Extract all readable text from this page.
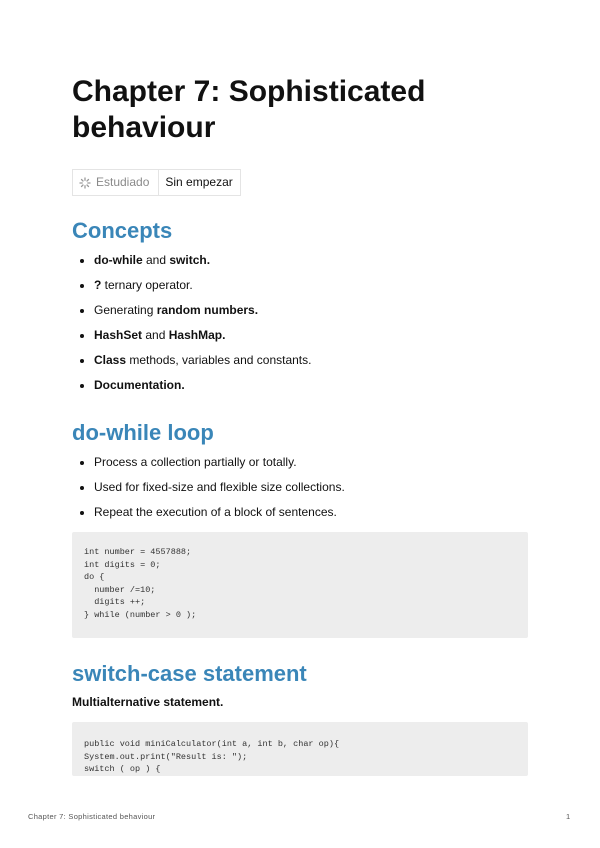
Chapter 7: Sophisticated behaviour
Estudiado	Sin empezar
Concepts
do-while and switch.
? ternary operator.
Generating random numbers.
HashSet and HashMap.
Class methods, variables and constants.
Documentation.
do-while loop
Process a collection partially or totally.
Used for fixed-size and flexible size collections.
Repeat the execution of a block of sentences.
int number = 4557888;
int digits = 0;
do {
number /=10;
digits ++;
} while (number > 0 );
switch-case statement

Multialternative statement.

public void miniCalculator(int a, int b, char op){
System.out.print("Result is: ");
switch ( op ) {
Chapter 7: Sophisticated behaviour	1
